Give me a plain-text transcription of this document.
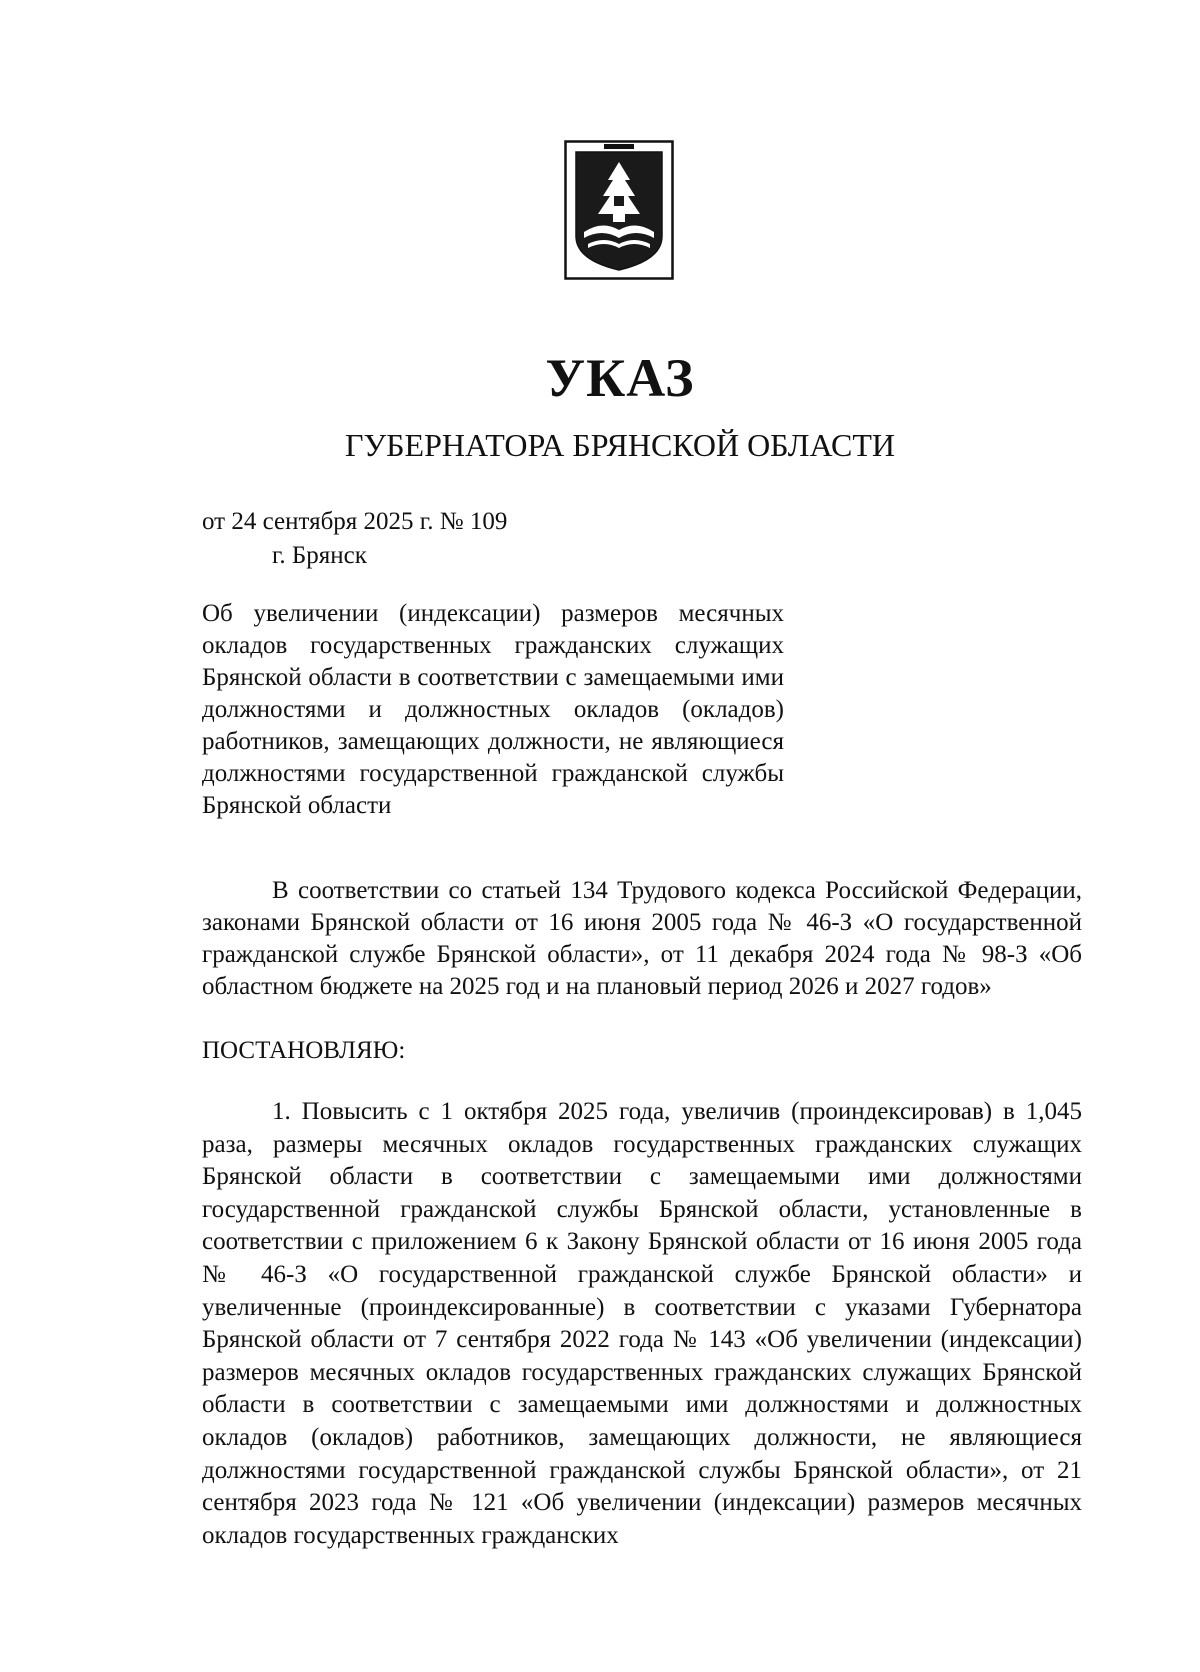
УКАЗ
ГУБЕРНАТОРА БРЯНСКОЙ ОБЛАСТИ
от 24 сентября 2025 г. № 109
г. Брянск

Об увеличении (индексации) размеров месячных окладов государственных гражданских служащих Брянской области в соответствии с замещаемыми ими должностями и должностных окладов (окладов) работников, замещающих должности, не являющиеся должностями государственной гражданской службы Брянской области

В соответствии со статьей 134 Трудового кодекса Российской Федерации, законами Брянской области от 16 июня 2005 года № 46-З «О государственной гражданской службе Брянской области», от 11 декабря 2024 года № 98-З «Об областном бюджете на 2025 год и на плановый период 2026 и 2027 годов»

ПОСТАНОВЛЯЮ:

1. Повысить с 1 октября 2025 года, увеличив (проиндексировав) в 1,045 раза, размеры месячных окладов государственных гражданских служащих Брянской области в соответствии с замещаемыми ими должностями государственной гражданской службы Брянской области, установленные в соответствии с приложением 6 к Закону Брянской области от 16 июня 2005 года № 46-З «О государственной гражданской службе Брянской области» и увеличенные (проиндексированные) в соответствии с указами Губернатора Брянской области от 7 сентября 2022 года № 143 «Об увеличении (индексации) размеров месячных окладов государственных гражданских служащих Брянской области в соответствии с замещаемыми ими должностями и должностных окладов (окладов) работников, замещающих должности, не являющиеся должностями государственной гражданской службы Брянской области», от 21 сентября 2023 года № 121 «Об увеличении (индексации) размеров месячных окладов государственных гражданских
